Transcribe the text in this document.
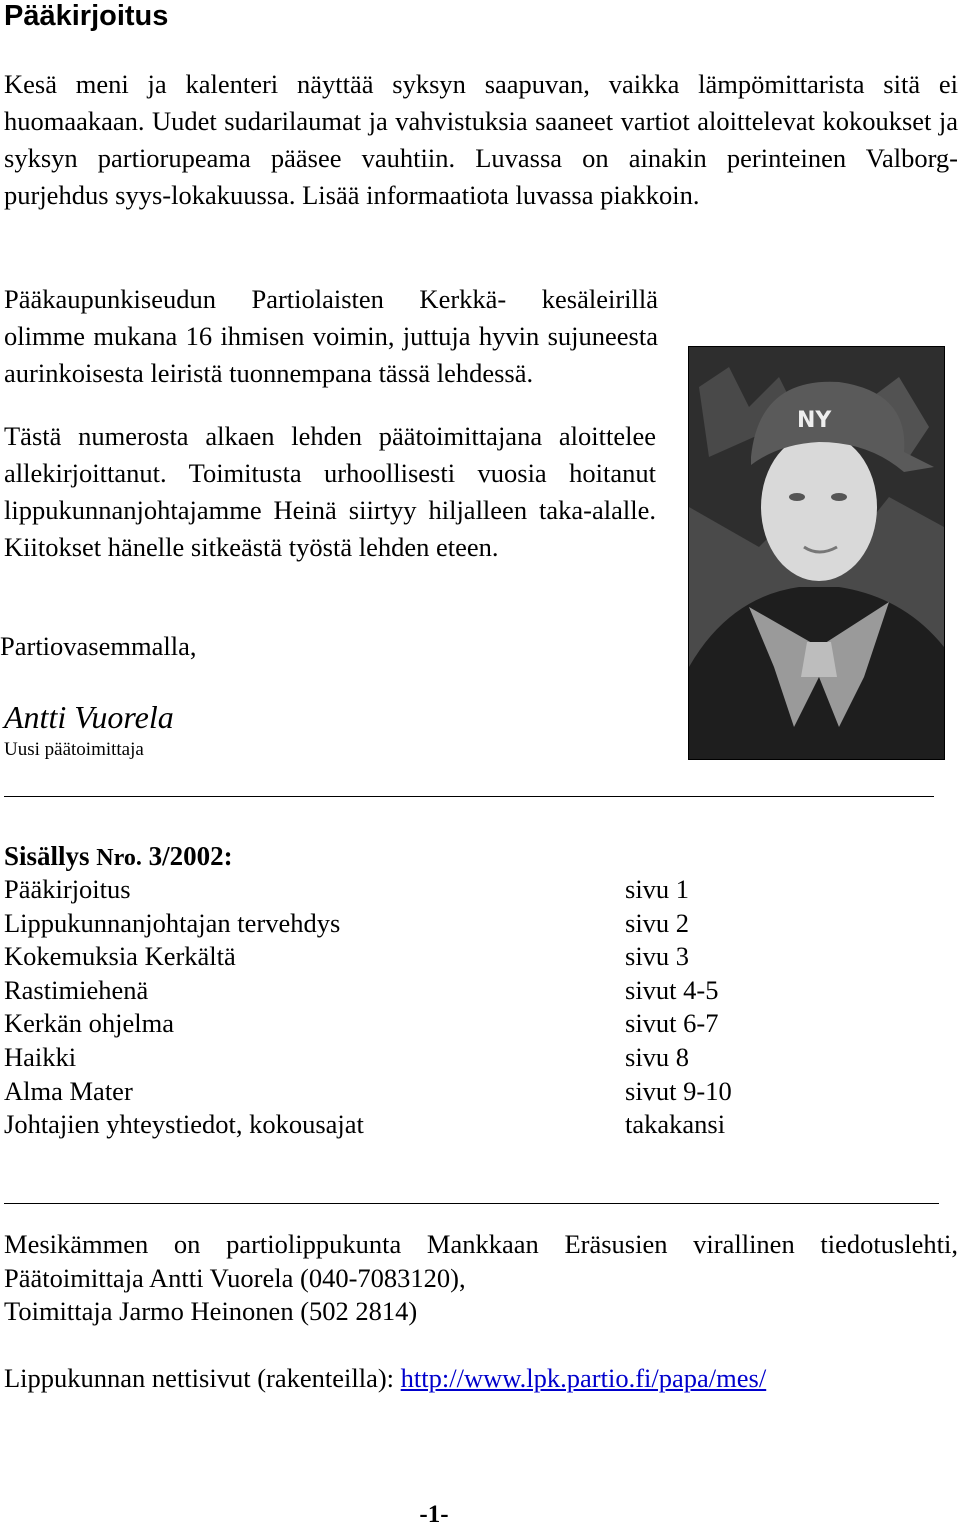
Pääkirjoitus

Kesä meni ja kalenteri näyttää syksyn saapuvan, vaikka lämpömittarista sitä ei huomaakaan. Uudet sudarilaumat ja vahvistuksia saaneet vartiot aloittelevat kokoukset ja syksyn partiorupeama pääsee vauhtiin. Luvassa on ainakin perinteinen Valborg- purjehdus syys-lokakuussa. Lisää informaatiota luvassa piakkoin.

Pääkaupunkiseudun Partiolaisten Kerkkä- kesäleirillä olimme mukana 16 ihmisen voimin, juttuja hyvin sujuneesta aurinkoisesta leiristä tuonnempana tässä lehdessä.

Tästä numerosta alkaen lehden päätoimittajana aloittelee allekirjoittanut. Toimitusta urhoollisesti vuosia hoitanut lippukunnanjohtajamme Heinä siirtyy hiljalleen taka-alalle. Kiitokset hänelle sitkeästä työstä lehden eteen.

Partiovasemmalla,
Antti Vuorela
Uusi päätoimittaja
NY
Sisällys Nro. 3/2002:
Pääkirjoitus	sivu 1
Lippukunnanjohtajan tervehdys	sivu 2
Kokemuksia Kerkältä	sivu 3
Rastimiehenä	sivut 4-5
Kerkän ohjelma	sivut 6-7
Haikki	sivu 8
Alma Mater	sivut 9-10
Johtajien yhteystiedot, kokousajat	takakansi
Mesikämmen on partiolippukunta Mankkaan Eräsusien virallinen tiedotuslehti,
Päätoimittaja Antti Vuorela (040-7083120),
Toimittaja Jarmo Heinonen (502 2814)
Lippukunnan nettisivut (rakenteilla): http://www.lpk.partio.fi/papa/mes/
-1-
